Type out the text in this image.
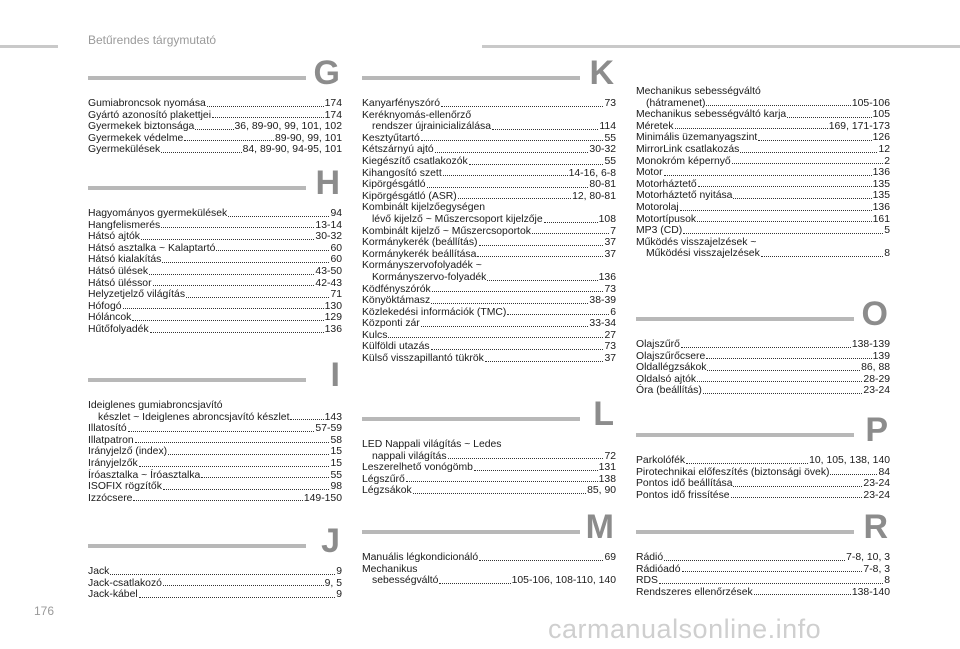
Betűrendes tárgymutató
G
Gumiabroncsok nyomása	174
Gyártó azonosító plakettjei	174
Gyermekek biztonsága	36, 89-90, 99, 101, 102
Gyermekek védelme	89-90, 99, 101
Gyermekülések	84, 89-90, 94-95, 101
H
Hagyományos gyermekülések	94
Hangfelismerés	13-14
Hátsó ajtók	30-32
Hátsó asztalka ~ Kalaptartó	60
Hátsó kialakítás	60
Hátsó ülések	43-50
Hátsó üléssor	42-43
Helyzetjelző világítás	71
Hófogó	130
Hóláncok	129
Hűtőfolyadék	136
I
Ideiglenes gumiabroncsjavító
készlet ~ Ideiglenes abroncsjavító készlet	143
Illatosító	57-59
Illatpatron	58
Irányjelző (index)	15
Irányjelzők	15
Íróasztalka ~ Íróasztalka	55
ISOFIX rögzítők	98
Izzócsere	149-150
J
Jack	9
Jack-csatlakozó	9, 5
Jack-kábel	9
K
Kanyarfényszóró	73
Keréknyomás-ellenőrző
rendszer újrainicializálása	114
Kesztyűtartó	55
Kétszárnyú ajtó	30-32
Kiegészítő csatlakozók	55
Kihangosító szett	14-16, 6-8
Kipörgésgátló	80-81
Kipörgésgátló (ASR)	12, 80-81
Kombinált kijelzőegységen
lévő kijelző ~ Műszercsoport kijelzője	108
Kombinált kijelző ~ Műszercsoportok	7
Kormánykerék (beállítás)	37
Kormánykerék beállítása	37
Kormányszervofolyadék ~
Kormányszervo-folyadék	136
Ködfényszórók	73
Könyöktámasz	38-39
Közlekedési információk (TMC)	6
Központi zár	33-34
Kulcs	27
Külföldi utazás	73
Külső visszapillantó tükrök	37
L
LED Nappali világítás ~ Ledes
nappali világítás	72
Leszerelhető vonógömb	131
Légszűrő	138
Légzsákok	85, 90
M
Manuális légkondicionáló	69
Mechanikus
sebességváltó	105-106, 108-110, 140
Mechanikus sebességváltó
(hátramenet)	105-106
Mechanikus sebességváltó karja	105
Méretek	169, 171-173
Minimális üzemanyagszint	126
MirrorLink csatlakozás	12
Monokróm képernyő	2
Motor	136
Motorháztető	135
Motorháztető nyitása	135
Motorolaj	136
Motortípusok	161
MP3 (CD)	5
Működés visszajelzések ~
Működési visszajelzések	8
O
Olajszűrő	138-139
Olajszűrőcsere	139
Oldallégzsákok	86, 88
Oldalsó ajtók	28-29
Óra (beállítás)	23-24
P
Parkolófék	10, 105, 138, 140
Pirotechnikai előfeszítés (biztonsági övek)	84
Pontos idő beállítása	23-24
Pontos idő frissítése	23-24
R
Rádió	7-8, 10, 3
Rádióadó	7-8, 3
RDS	8
Rendszeres ellenőrzések	138-140
176
carmanualsonline.info
